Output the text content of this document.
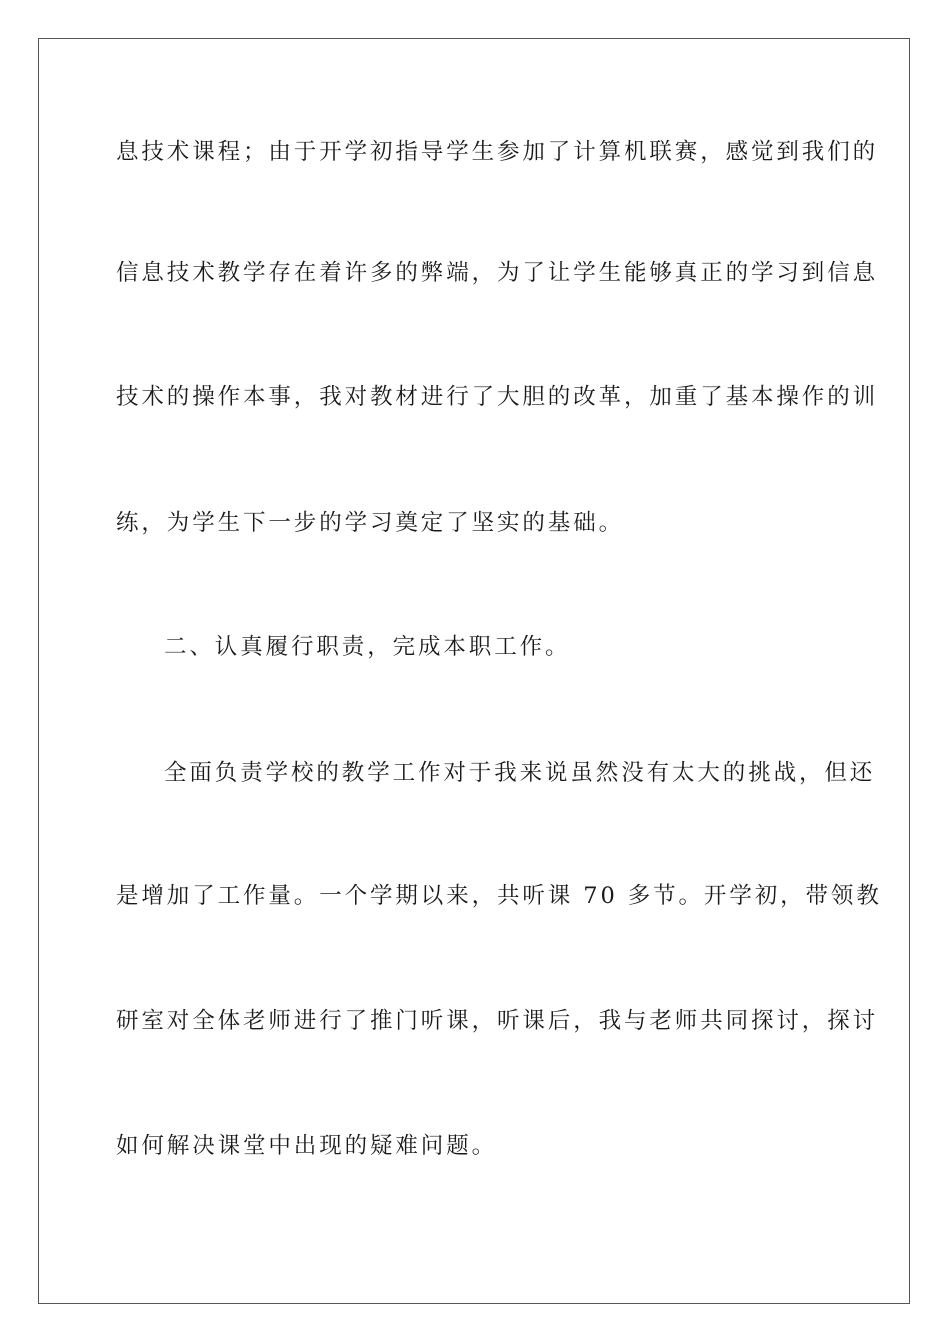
息技术课程；由于开学初指导学生参加了计算机联赛，感觉到我们的
信息技术教学存在着许多的弊端，为了让学生能够真正的学习到信息
技术的操作本事，我对教材进行了大胆的改革，加重了基本操作的训
练，为学生下一步的学习奠定了坚实的基础。
二、认真履行职责，完成本职工作。
全面负责学校的教学工作对于我来说虽然没有太大的挑战，但还
是增加了工作量。一个学期以来，共听课 70 多节。开学初，带领教
研室对全体老师进行了推门听课，听课后，我与老师共同探讨，探讨
如何解决课堂中出现的疑难问题。
